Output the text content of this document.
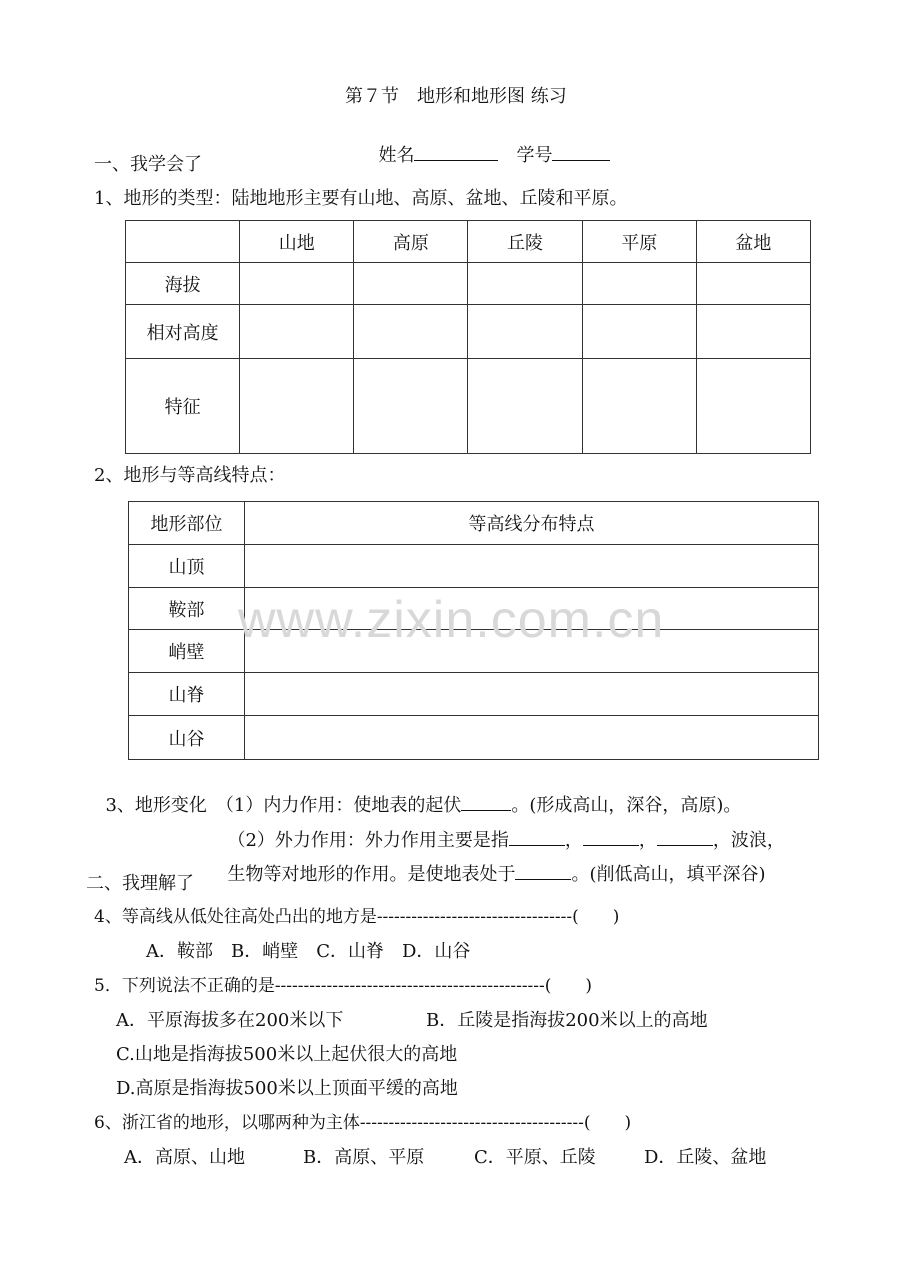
第７节　地形和地形图 练习

姓名　	学号

一、我学会了
1、地形的类型：陆地地形主要有山地、高原、盆地、丘陵和平原。
	山地	高原	丘陵	平原	盆地
海拔					
相对高度					
特征					
2、地形与等高线特点：
地形部位	等高线分布特点
山顶	
鞍部	
峭壁	
山脊	
山谷	
www.zixin.com.cn

3、地形变化　 （1）内力作用：使地表的起伏	。(形成高山，深谷，高原)。

（2）外力作用：外力作用主要是指	，	，	，波浪，

生物等对地形的作用。是使地表处于	。(削低高山，填平深谷)

二、我理解了
4、等高线从低处往高处凸出的地方是----------------------------------(　　)
A．鞍部　B．峭壁　C．山脊　D．山谷
5．下列说法不正确的是-----------------------------------------------(　　)
A．平原海拔多在200米以下	B．丘陵是指海拔200米以上的高地
C.山地是指海拔500米以上起伏很大的高地
D.高原是指海拔500米以上顶面平缓的高地
6、浙江省的地形，以哪两种为主体---------------------------------------(　　)
A．高原、山地	B．高原、平原	C．平原、丘陵	D．丘陵、盆地
